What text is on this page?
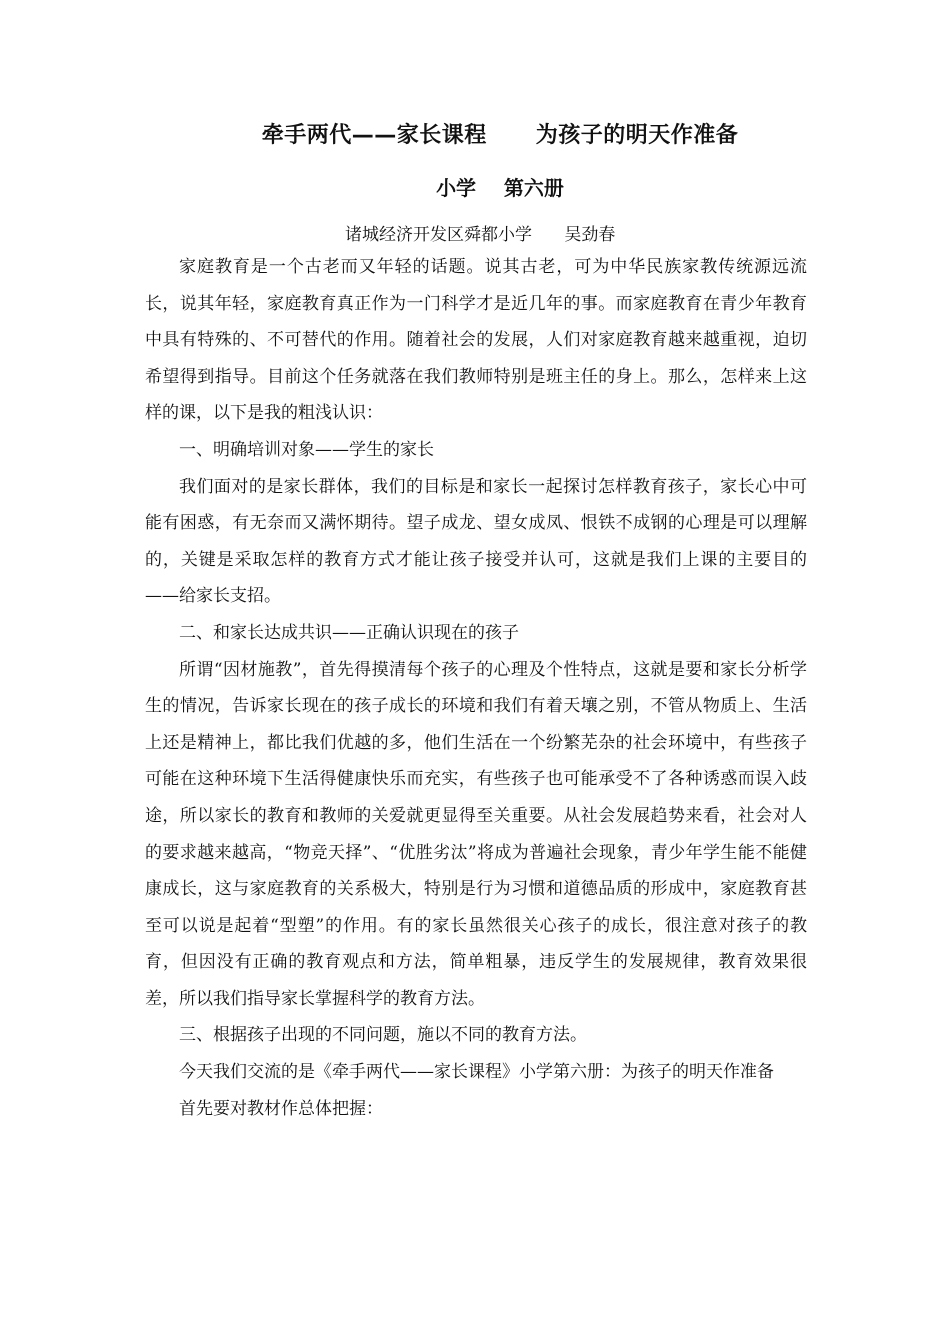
牵手两代——家长课程      为孩子的明天作准备
小学    第六册
诸城经济开发区舜都小学      吴劲春

家庭教育是一个古老而又年轻的话题。说其古老，可为中华民族家教传统源远流长，说其年轻，家庭教育真正作为一门科学才是近几年的事。而家庭教育在青少年教育中具有特殊的、不可替代的作用。随着社会的发展，人们对家庭教育越来越重视，迫切希望得到指导。目前这个任务就落在我们教师特别是班主任的身上。那么，怎样来上这样的课，以下是我的粗浅认识：

一、明确培训对象——学生的家长

我们面对的是家长群体，我们的目标是和家长一起探讨怎样教育孩子，家长心中可能有困惑，有无奈而又满怀期待。望子成龙、望女成凤、恨铁不成钢的心理是可以理解的，关键是采取怎样的教育方式才能让孩子接受并认可，这就是我们上课的主要目的——给家长支招。

二、和家长达成共识——正确认识现在的孩子

所谓“因材施教”，首先得摸清每个孩子的心理及个性特点，这就是要和家长分析学生的情况，告诉家长现在的孩子成长的环境和我们有着天壤之别，不管从物质上、生活上还是精神上，都比我们优越的多，他们生活在一个纷繁芜杂的社会环境中，有些孩子可能在这种环境下生活得健康快乐而充实，有些孩子也可能承受不了各种诱惑而误入歧途，所以家长的教育和教师的关爱就更显得至关重要。从社会发展趋势来看，社会对人的要求越来越高，“物竞天择”、“优胜劣汰”将成为普遍社会现象，青少年学生能不能健康成长，这与家庭教育的关系极大，特别是行为习惯和道德品质的形成中，家庭教育甚至可以说是起着“型塑”的作用。有的家长虽然很关心孩子的成长，很注意对孩子的教育，但因没有正确的教育观点和方法，简单粗暴，违反学生的发展规律，教育效果很差，所以我们指导家长掌握科学的教育方法。

三、根据孩子出现的不同问题，施以不同的教育方法。

今天我们交流的是《牵手两代——家长课程》小学第六册：为孩子的明天作准备

首先要对教材作总体把握：
